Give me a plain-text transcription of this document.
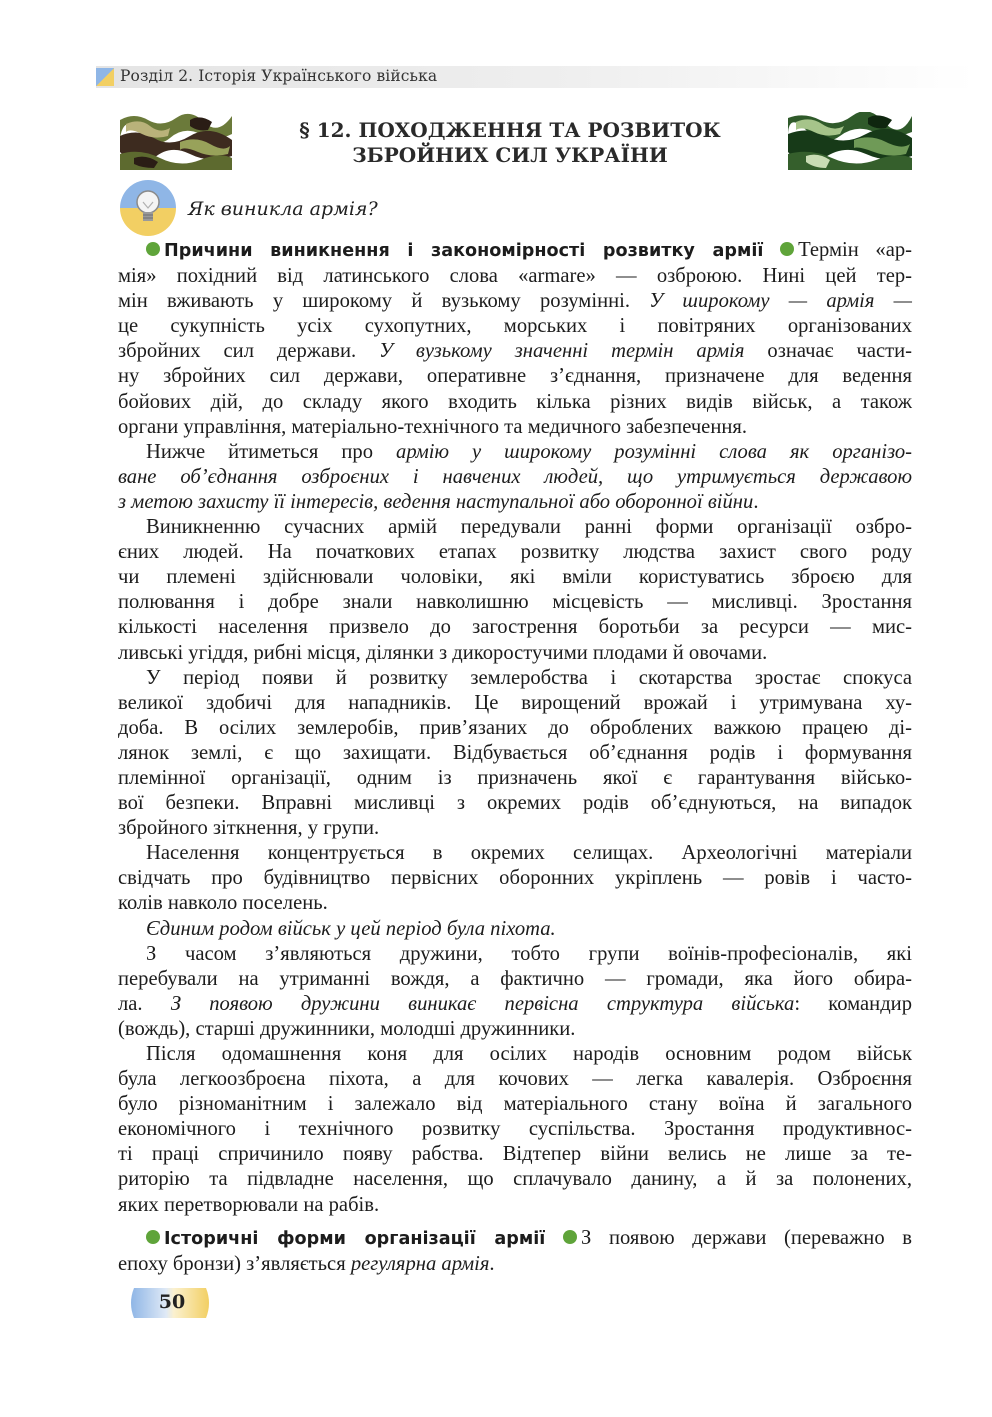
Розділ 2. Історія Українського війська
§ 12. ПОХОДЖЕННЯ ТА РОЗВИТОК
ЗБРОЙНИХ СИЛ УКРАЇНИ
Як виникла армія?

Причини виникнення і закономірності розвитку армії Термін «ар-
мія» похідний від латинського слова «armare» — озброюю. Нині цей тер-
мін вживають у широкому й вузькому розумінні. У широкому — армія —
це сукупність усіх сухопутних, морських і повітряних організованих
збройних сил держави. У вузькому значенні термін армія означає части-
ну збройних сил держави, оперативне з’єднання, призначене для ведення
бойових дій, до складу якого входить кілька різних видів військ, а також
органи управління, матеріально-технічного та медичного забезпечення.

Нижче йтиметься про армію у широкому розумінні слова як організо-
ване об’єднання озброєних і навчених людей, що утримується державою
з метою захисту її інтересів, ведення наступальної або оборонної війни.

Виникненню сучасних армій передували ранні форми організації озбро-
єних людей. На початкових етапах розвитку людства захист свого роду
чи племені здійснювали чоловіки, які вміли користуватись зброєю для
полювання і добре знали навколишню місцевість — мисливці. Зростання
кількості населення призвело до загострення боротьби за ресурси — мис-
ливські угіддя, рибні місця, ділянки з дикоростучими плодами й овочами.

У період появи й розвитку землеробства і скотарства зростає спокуса
великої здобичі для нападників. Це вирощений врожай і утримувана ху-
доба. В осілих землеробів, прив’язаних до оброблених важкою працею ді-
лянок землі, є що захищати. Відбувається об’єднання родів і формування
племінної організації, одним із призначень якої є гарантування військо-
вої безпеки. Вправні мисливці з окремих родів об’єднуються, на випадок
збройного зіткнення, у групи.

Населення концентрується в окремих селищах. Археологічні матеріали
свідчать про будівництво первісних оборонних укріплень — ровів і часто-
колів навколо поселень.

Єдиним родом військ у цей період була піхота.

З часом з’являються дружини, тобто групи воїнів-професіоналів, які
перебували на утриманні вождя, а фактично — громади, яка його обира-
ла. З появою дружини виникає первісна структура війська: командир
(вождь), старші дружинники, молодші дружинники.

Після одомашнення коня для осілих народів основним родом військ
була легкоозброєна піхота, а для кочових — легка кавалерія. Озброєння
було різноманітним і залежало від матеріального стану воїна й загального
економічного і технічного розвитку суспільства. Зростання продуктивнос-
ті праці спричинило появу рабства. Відтепер війни велись не лише за те-
риторію та підвладне населення, що сплачувало данину, а й за полонених,
яких перетворювали на рабів.

Історичні форми організації армії З появою держави (переважно в
епоху бронзи) з’являється регулярна армія.

50
